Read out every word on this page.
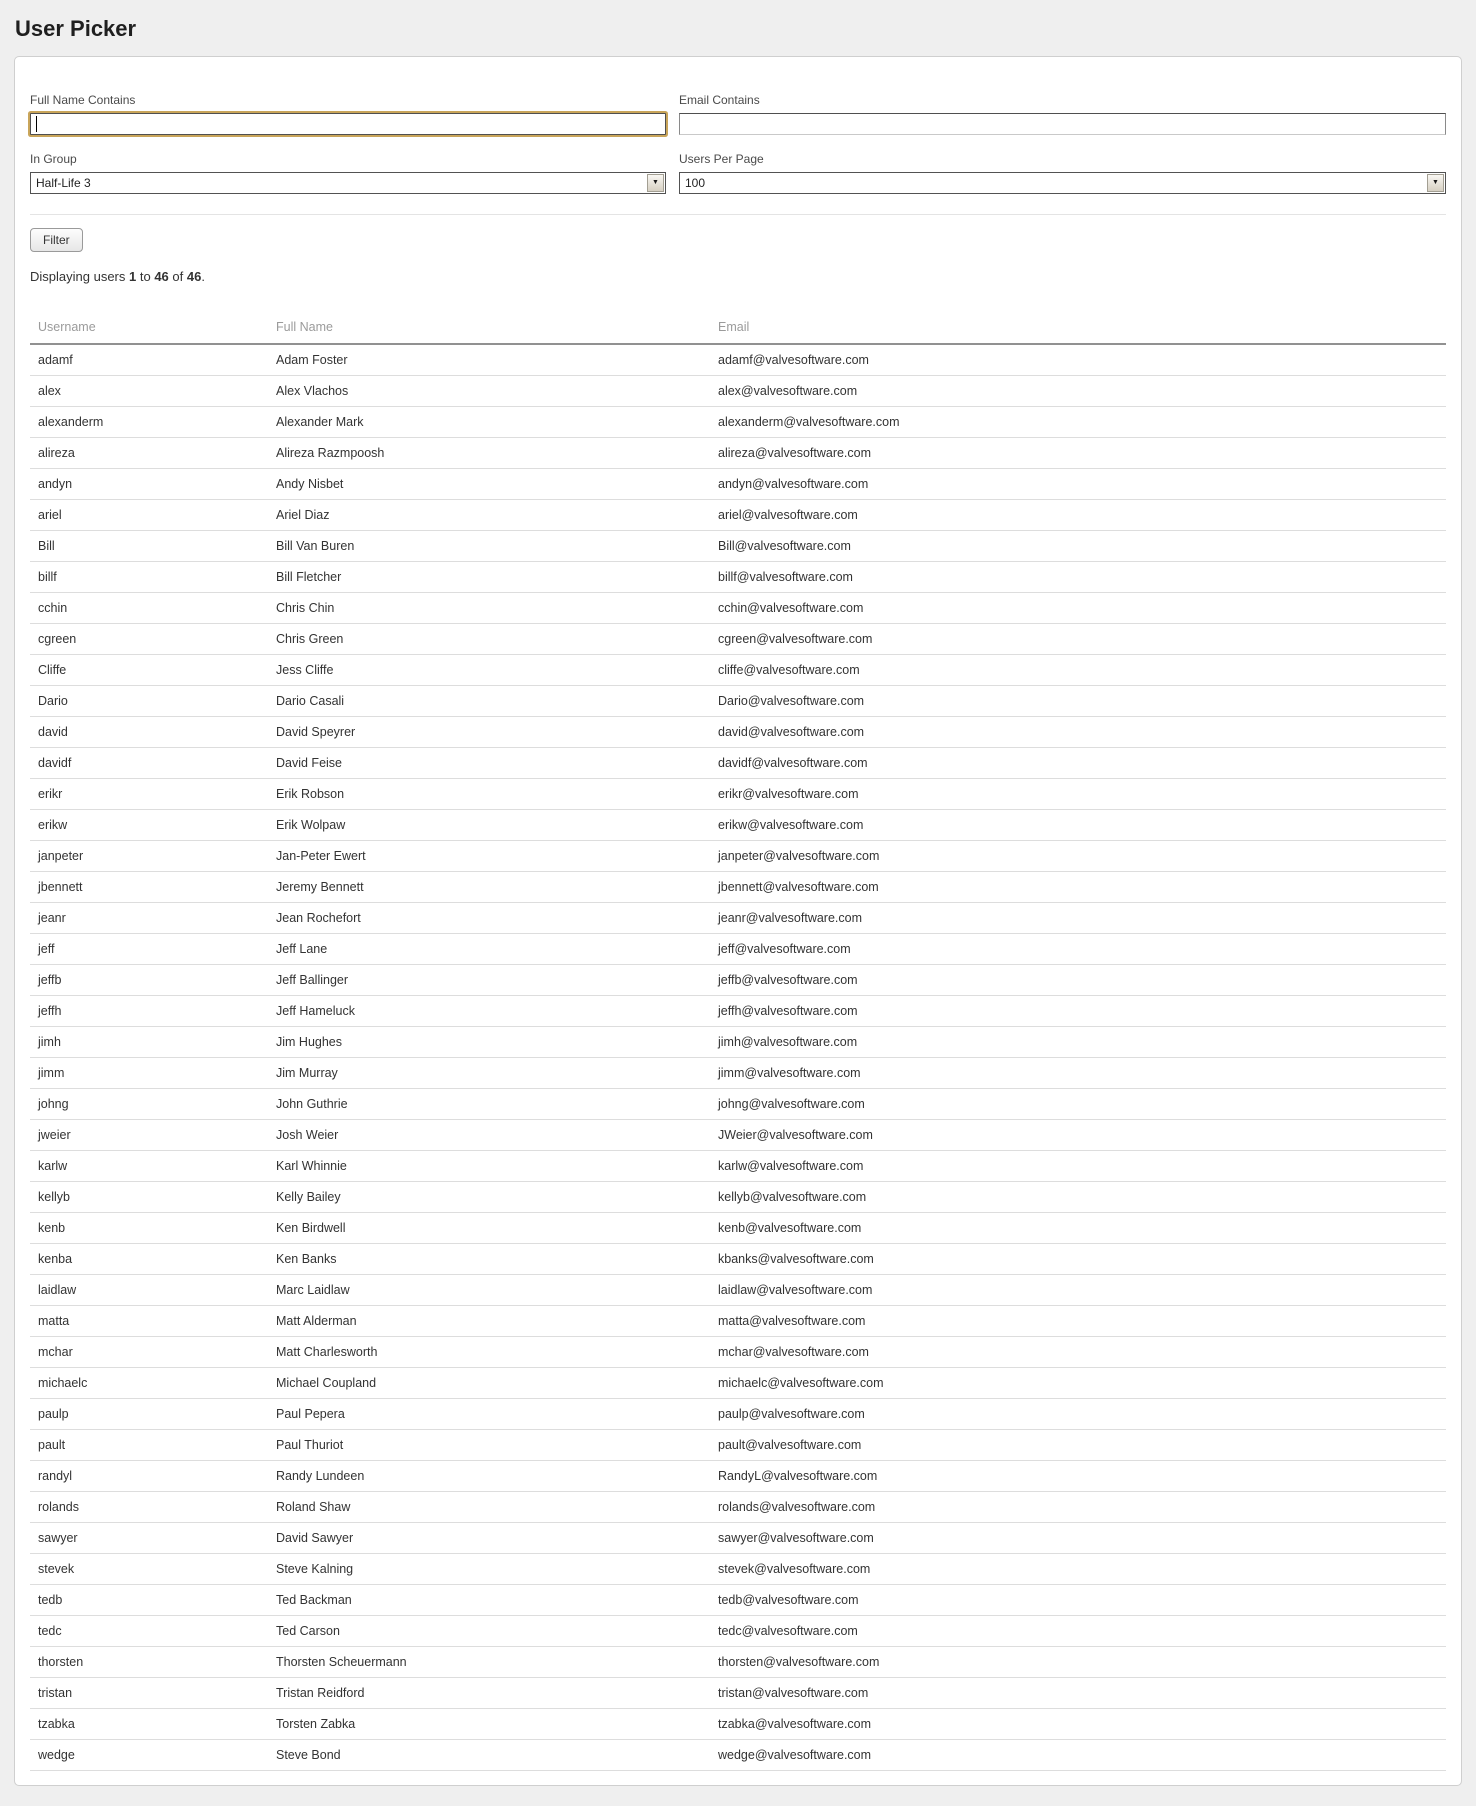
User Picker
Full Name Contains	Email Contains
In Group
Half-Life 3	▼
Users Per Page
100	▼
Filter

Displaying users 1 to 46 of 46.

Username	Full Name	Email
adamf	Adam Foster	adamf@valvesoftware.com
alex	Alex Vlachos	alex@valvesoftware.com
alexanderm	Alexander Mark	alexanderm@valvesoftware.com
alireza	Alireza Razmpoosh	alireza@valvesoftware.com
andyn	Andy Nisbet	andyn@valvesoftware.com
ariel	Ariel Diaz	ariel@valvesoftware.com
Bill	Bill Van Buren	Bill@valvesoftware.com
billf	Bill Fletcher	billf@valvesoftware.com
cchin	Chris Chin	cchin@valvesoftware.com
cgreen	Chris Green	cgreen@valvesoftware.com
Cliffe	Jess Cliffe	cliffe@valvesoftware.com
Dario	Dario Casali	Dario@valvesoftware.com
david	David Speyrer	david@valvesoftware.com
davidf	David Feise	davidf@valvesoftware.com
erikr	Erik Robson	erikr@valvesoftware.com
erikw	Erik Wolpaw	erikw@valvesoftware.com
janpeter	Jan-Peter Ewert	janpeter@valvesoftware.com
jbennett	Jeremy Bennett	jbennett@valvesoftware.com
jeanr	Jean Rochefort	jeanr@valvesoftware.com
jeff	Jeff Lane	jeff@valvesoftware.com
jeffb	Jeff Ballinger	jeffb@valvesoftware.com
jeffh	Jeff Hameluck	jeffh@valvesoftware.com
jimh	Jim Hughes	jimh@valvesoftware.com
jimm	Jim Murray	jimm@valvesoftware.com
johng	John Guthrie	johng@valvesoftware.com
jweier	Josh Weier	JWeier@valvesoftware.com
karlw	Karl Whinnie	karlw@valvesoftware.com
kellyb	Kelly Bailey	kellyb@valvesoftware.com
kenb	Ken Birdwell	kenb@valvesoftware.com
kenba	Ken Banks	kbanks@valvesoftware.com
laidlaw	Marc Laidlaw	laidlaw@valvesoftware.com
matta	Matt Alderman	matta@valvesoftware.com
mchar	Matt Charlesworth	mchar@valvesoftware.com
michaelc	Michael Coupland	michaelc@valvesoftware.com
paulp	Paul Pepera	paulp@valvesoftware.com
pault	Paul Thuriot	pault@valvesoftware.com
randyl	Randy Lundeen	RandyL@valvesoftware.com
rolands	Roland Shaw	rolands@valvesoftware.com
sawyer	David Sawyer	sawyer@valvesoftware.com
stevek	Steve Kalning	stevek@valvesoftware.com
tedb	Ted Backman	tedb@valvesoftware.com
tedc	Ted Carson	tedc@valvesoftware.com
thorsten	Thorsten Scheuermann	thorsten@valvesoftware.com
tristan	Tristan Reidford	tristan@valvesoftware.com
tzabka	Torsten Zabka	tzabka@valvesoftware.com
wedge	Steve Bond	wedge@valvesoftware.com
